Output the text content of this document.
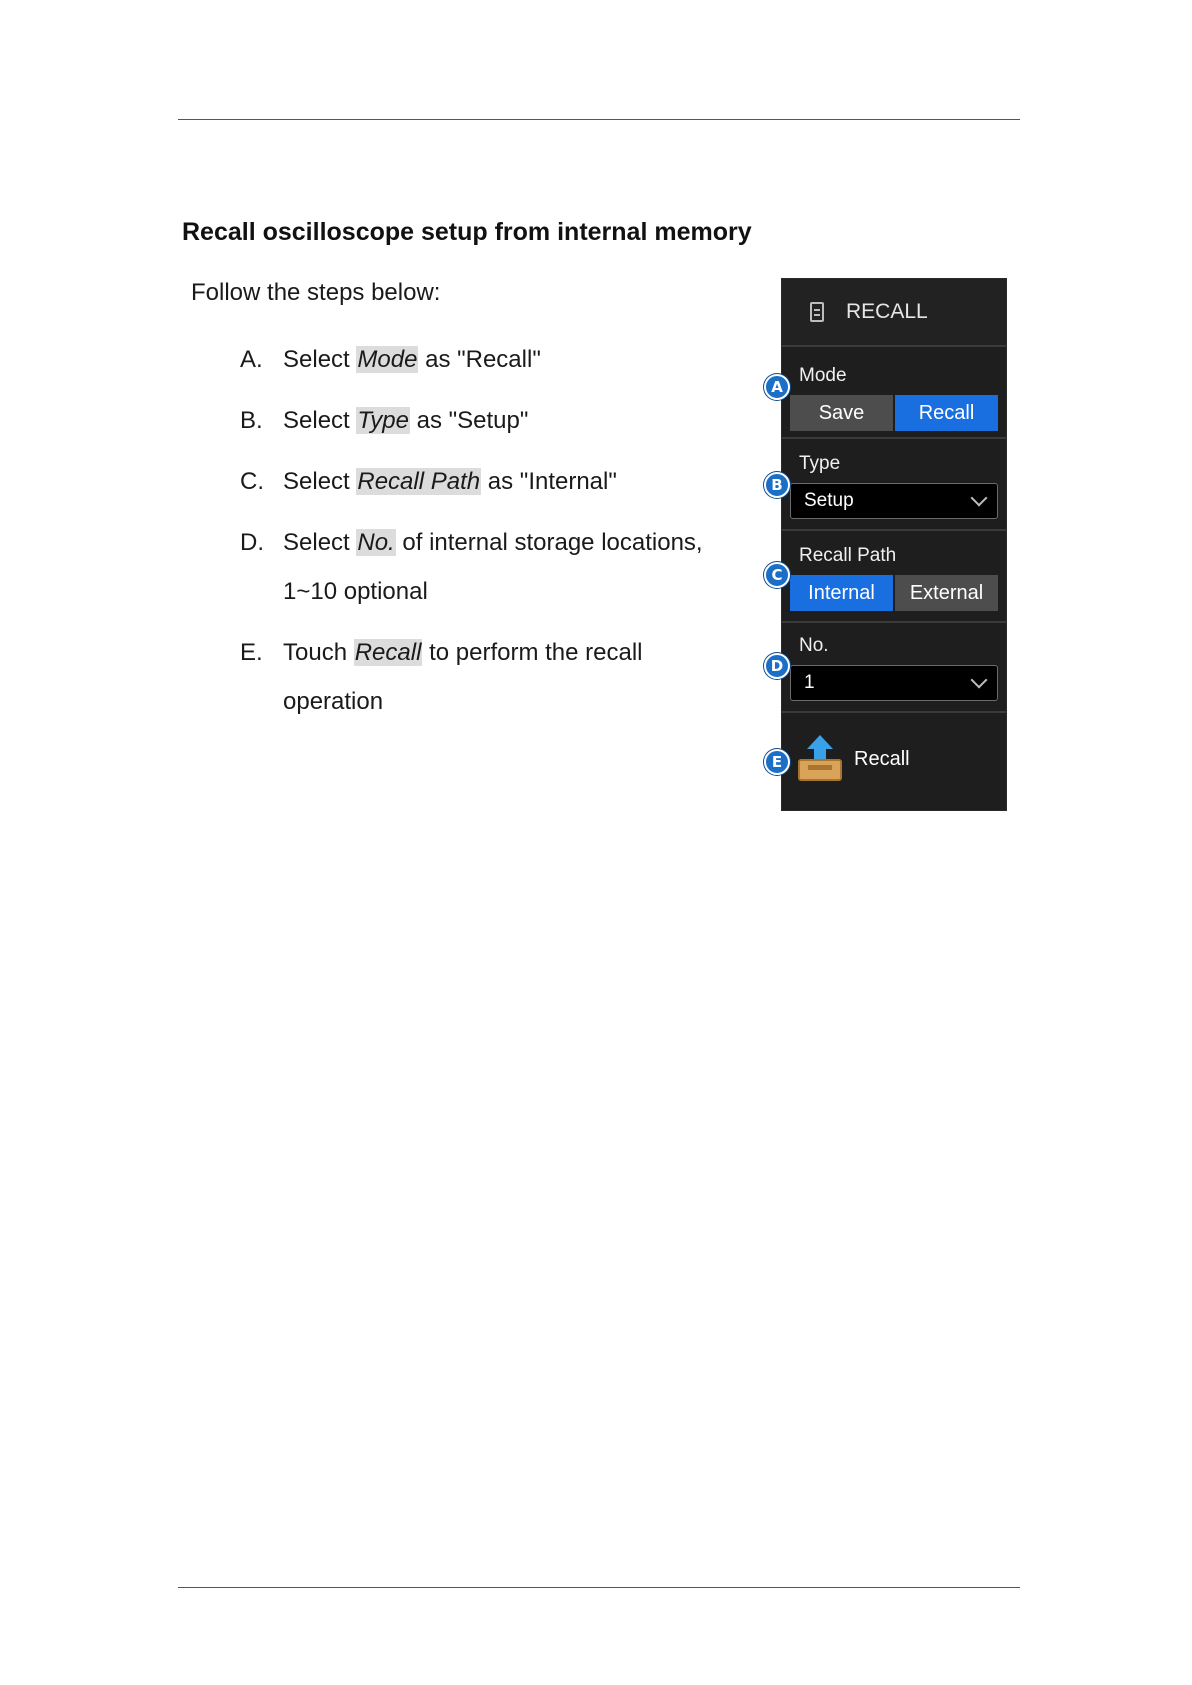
Recall oscilloscope setup from internal memory

Follow the steps below:

A. Select Mode as "Recall"
B. Select Type as "Setup"
C. Select Recall Path as "Internal"
D. Select No. of internal storage locations,
1~10 optional
E. Touch Recall to perform the recall
operation
RECALL
Mode
Save	Recall
Type
Setup
Recall Path
Internal	External
No.
1
Recall
A
B
C
D
E
